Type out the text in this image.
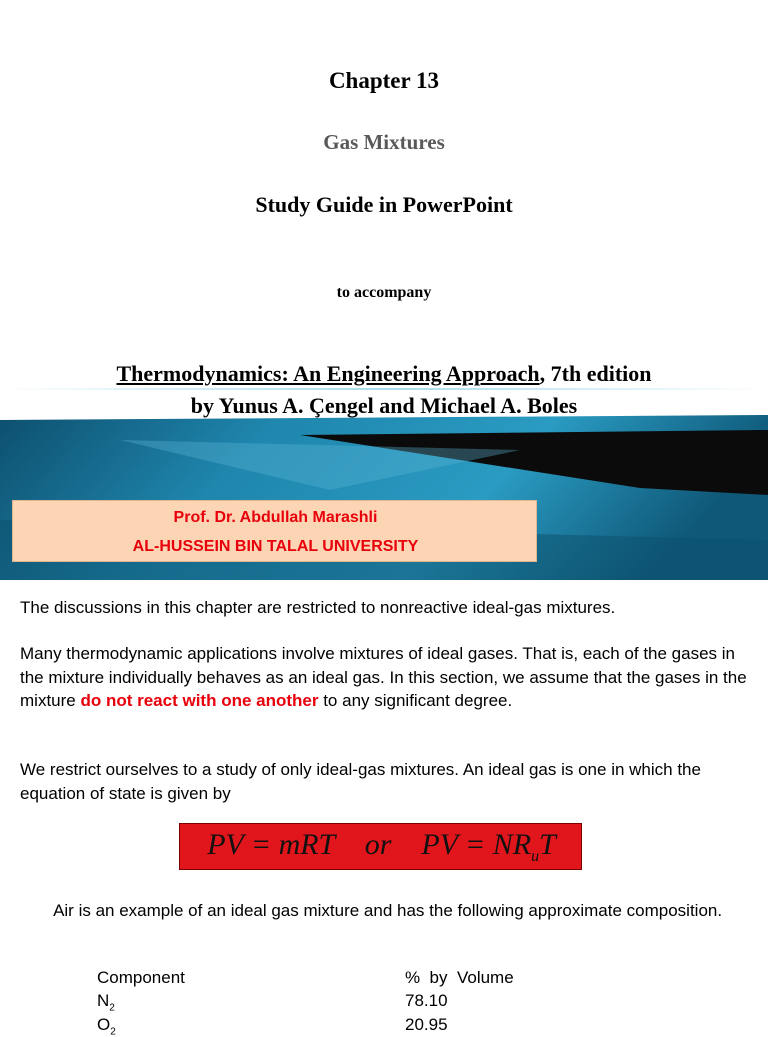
Chapter 13
Gas Mixtures
Study Guide in PowerPoint
to accompany
Thermodynamics: An Engineering Approach, 7th edition
by Yunus A. Çengel and Michael A. Boles
Prof. Dr. Abdullah Marashli
AL-HUSSEIN BIN TALAL UNIVERSITY

The discussions in this chapter are restricted to nonreactive ideal-gas mixtures.

Many thermodynamic applications involve mixtures of ideal gases. That is, each of the gases in the mixture individually behaves as an ideal gas. In this section, we assume that the gases in the mixture do not react with one another to any significant degree.

We restrict ourselves to a study of only ideal-gas mixtures. An ideal gas is one in which the equation of state is given by

PV = mRT    or    PV = $NR_uT$

Air is an example of an ideal gas mixture and has the following approximate composition.

Component	%  by  Volume
$N_2$	78.10
$O_2$	20.95
